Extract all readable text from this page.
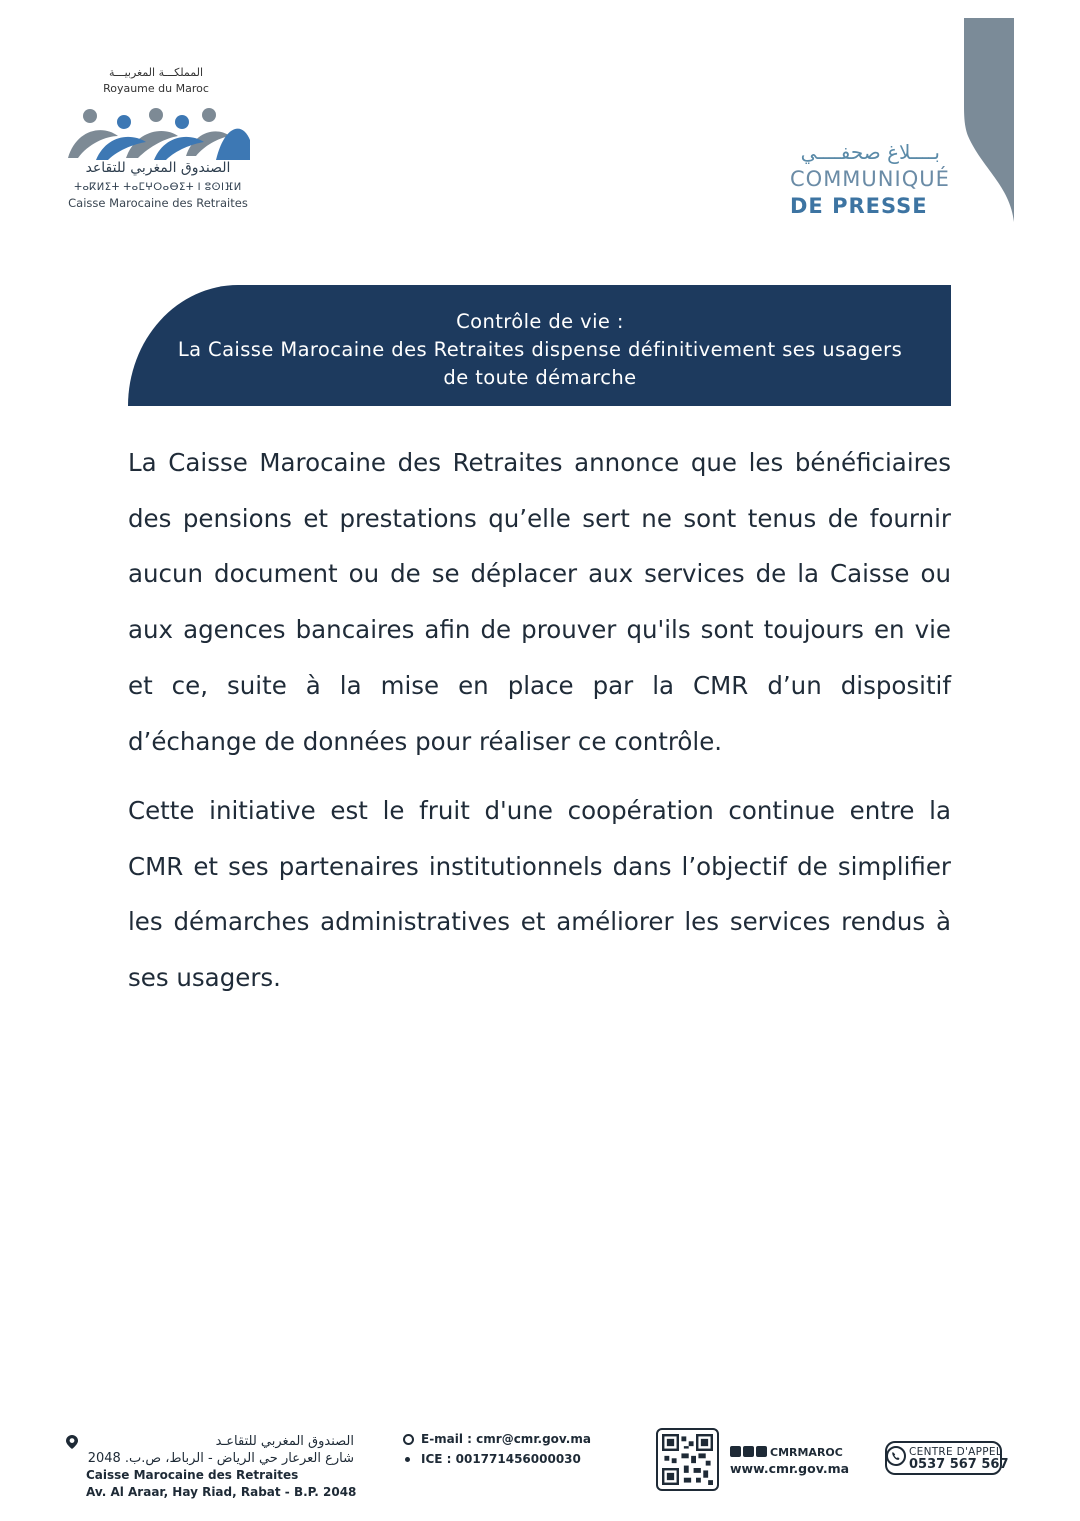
المملكـــة المغربيـــة
Royaume du Maroc
الصندوق المغربي للتقاعد
ⵜⴰⴽⵍⵉⵜ ⵜⴰⵎⵖⵔⴰⴱⵉⵜ ⵏ ⵓⵙⵏⴼⵍ
Caisse Marocaine des Retraites
بــــلاغ صحفــــي
COMMUNIQUÉ
DE PRESSE
Contrôle de vie :
La Caisse Marocaine des Retraites dispense définitivement ses usagers
de toute démarche

La Caisse Marocaine des Retraites annonce que les bénéficiaires des pensions et prestations qu’elle sert ne sont tenus de fournir aucun document ou de se déplacer aux services de la Caisse ou aux agences bancaires afin de prouver qu'ils sont toujours en vie et ce, suite à la mise en place par la CMR d’un dispositif d’échange de données pour réaliser ce contrôle.

Cette initiative est le fruit d'une coopération continue entre la CMR et ses partenaires institutionnels dans l’objectif de simplifier les démarches administratives et améliorer les services rendus à ses usagers.

الصندوق المغربي للتقاعـد
شارع العرعار حي الرياض - الرباط، ص.ب. 2048
Caisse Marocaine des Retraites
Av. Al Araar, Hay Riad, Rabat - B.P. 2048
E-mail : cmr@cmr.gov.ma
ICE : 001771456000030	CMRMAROC
www.cmr.gov.ma
CENTRE D'APPEL
0537 567 567
